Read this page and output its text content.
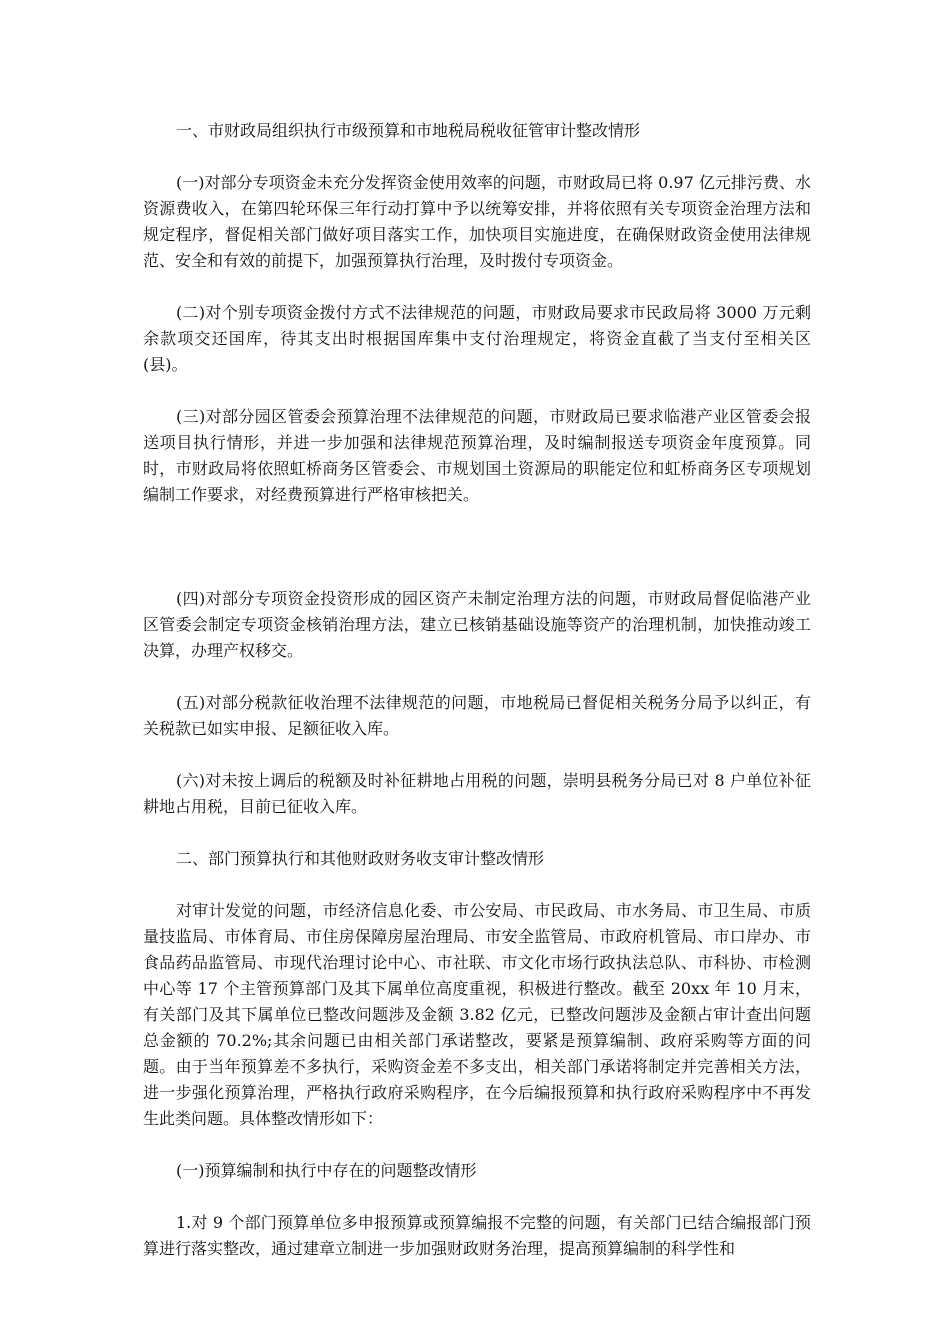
一、市财政局组织执行市级预算和市地税局税收征管审计整改情形

(一)对部分专项资金未充分发挥资金使用效率的问题，市财政局已将 0.97 亿元排污费、水资源费收入，在第四轮环保三年行动打算中予以统筹安排，并将依照有关专项资金治理方法和规定程序，督促相关部门做好项目落实工作，加快项目实施进度，在确保财政资金使用法律规范、安全和有效的前提下，加强预算执行治理，及时拨付专项资金。

(二)对个别专项资金拨付方式不法律规范的问题，市财政局要求市民政局将 3000 万元剩余款项交还国库，待其支出时根据国库集中支付治理规定，将资金直截了当支付至相关区(县)。

(三)对部分园区管委会预算治理不法律规范的问题，市财政局已要求临港产业区管委会报送项目执行情形，并进一步加强和法律规范预算治理，及时编制报送专项资金年度预算。同时，市财政局将依照虹桥商务区管委会、市规划国土资源局的职能定位和虹桥商务区专项规划编制工作要求，对经费预算进行严格审核把关。

(四)对部分专项资金投资形成的园区资产未制定治理方法的问题，市财政局督促临港产业区管委会制定专项资金核销治理方法，建立已核销基础设施等资产的治理机制，加快推动竣工决算，办理产权移交。

(五)对部分税款征收治理不法律规范的问题，市地税局已督促相关税务分局予以纠正，有关税款已如实申报、足额征收入库。

(六)对未按上调后的税额及时补征耕地占用税的问题，崇明县税务分局已对 8 户单位补征耕地占用税，目前已征收入库。

二、部门预算执行和其他财政财务收支审计整改情形

对审计发觉的问题，市经济信息化委、市公安局、市民政局、市水务局、市卫生局、市质量技监局、市体育局、市住房保障房屋治理局、市安全监管局、市政府机管局、市口岸办、市食品药品监管局、市现代治理讨论中心、市社联、市文化市场行政执法总队、市科协、市检测中心等 17 个主管预算部门及其下属单位高度重视，积极进行整改。截至 20xx 年 10 月末，有关部门及其下属单位已整改问题涉及金额 3.82 亿元，已整改问题涉及金额占审计查出问题总金额的 70.2%;其余问题已由相关部门承诺整改，要紧是预算编制、政府采购等方面的问题。由于当年预算差不多执行，采购资金差不多支出，相关部门承诺将制定并完善相关方法，进一步强化预算治理，严格执行政府采购程序，在今后编报预算和执行政府采购程序中不再发生此类问题。具体整改情形如下：

(一)预算编制和执行中存在的问题整改情形

1.对 9 个部门预算单位多申报预算或预算编报不完整的问题，有关部门已结合编报部门预算进行落实整改，通过建章立制进一步加强财政财务治理，提高预算编制的科学性和
